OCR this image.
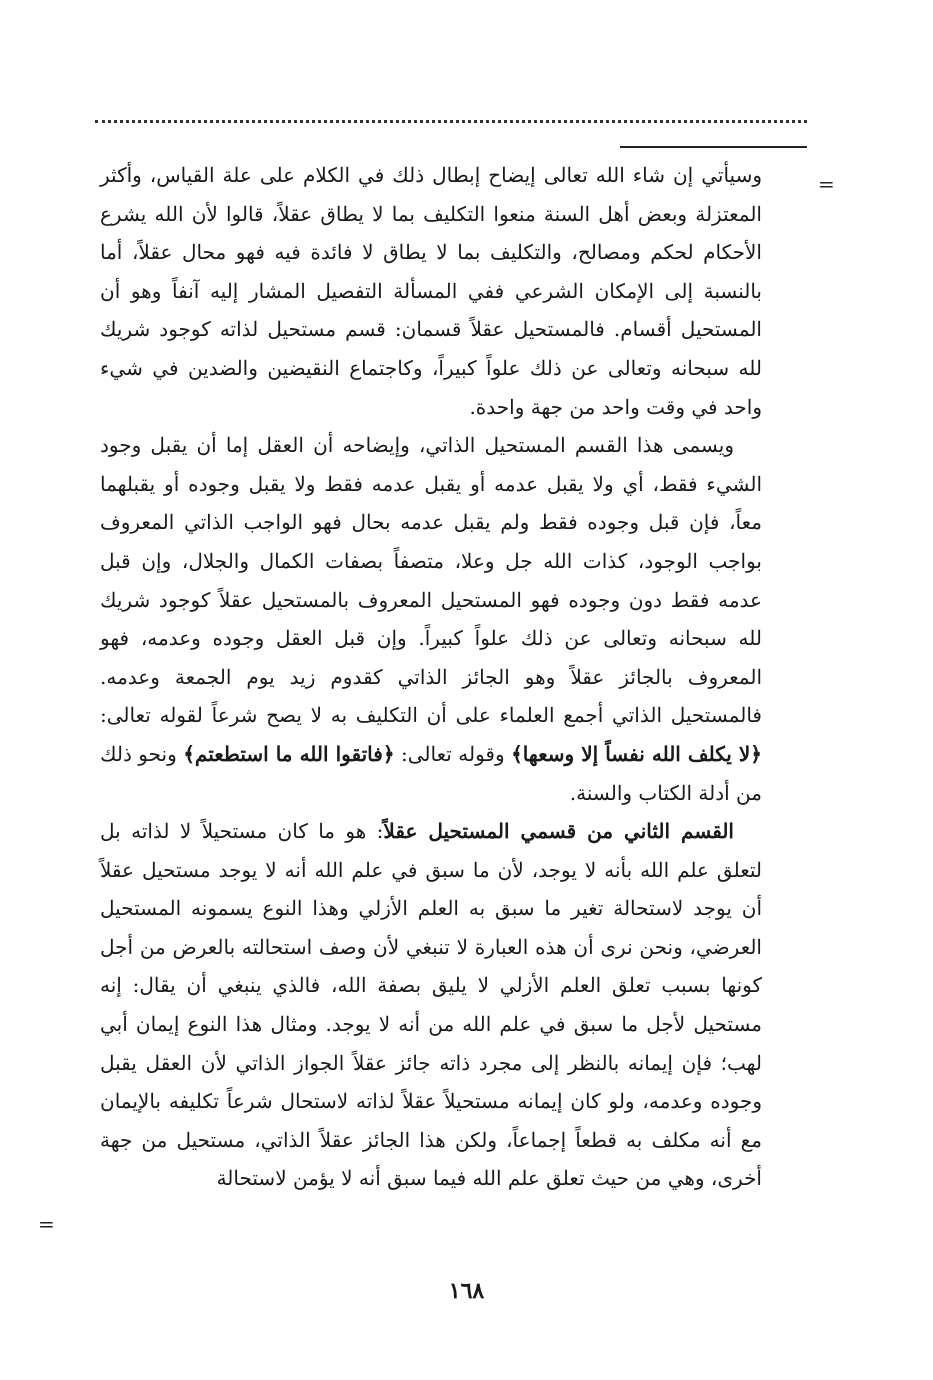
=
=

وسيأتي إن شاء الله تعالى إيضاح إبطال ذلك في الكلام على علة القياس، وأكثر المعتزلة وبعض أهل السنة منعوا التكليف بما لا يطاق عقلاً، قالوا لأن الله يشرع الأحكام لحكم ومصالح، والتكليف بما لا يطاق لا فائدة فيه فهو محال عقلاً، أما بالنسبة إلى الإمكان الشرعي ففي المسألة التفصيل المشار إليه آنفاً وهو أن المستحيل أقسام. فالمستحيل عقلاً قسمان: قسم مستحيل لذاته كوجود شريك لله سبحانه وتعالى عن ذلك علواً كبيراً، وكاجتماع النقيضين والضدين في شيء واحد في وقت واحد من جهة واحدة.

ويسمى هذا القسم المستحيل الذاتي، وإيضاحه أن العقل إما أن يقبل وجود الشيء فقط، أي ولا يقبل عدمه أو يقبل عدمه فقط ولا يقبل وجوده أو يقبلهما معاً، فإن قبل وجوده فقط ولم يقبل عدمه بحال فهو الواجب الذاتي المعروف بواجب الوجود، كذات الله جل وعلا، متصفاً بصفات الكمال والجلال، وإن قبل عدمه فقط دون وجوده فهو المستحيل المعروف بالمستحيل عقلاً كوجود شريك لله سبحانه وتعالى عن ذلك علواً كبيراً. وإن قبل العقل وجوده وعدمه، فهو المعروف بالجائز عقلاً وهو الجائز الذاتي كقدوم زيد يوم الجمعة وعدمه. فالمستحيل الذاتي أجمع العلماء على أن التكليف به لا يصح شرعاً لقوله تعالى: ﴿لا يكلف الله نفساً إلا وسعها﴾ وقوله تعالى: ﴿فاتقوا الله ما استطعتم﴾ ونحو ذلك من أدلة الكتاب والسنة.

القسم الثاني من قسمي المستحيل عقلاً: هو ما كان مستحيلاً لا لذاته بل لتعلق علم الله بأنه لا يوجد، لأن ما سبق في علم الله أنه لا يوجد مستحيل عقلاً أن يوجد لاستحالة تغير ما سبق به العلم الأزلي وهذا النوع يسمونه المستحيل العرضي، ونحن نرى أن هذه العبارة لا تنبغي لأن وصف استحالته بالعرض من أجل كونها بسبب تعلق العلم الأزلي لا يليق بصفة الله، فالذي ينبغي أن يقال: إنه مستحيل لأجل ما سبق في علم الله من أنه لا يوجد. ومثال هذا النوع إيمان أبي لهب؛ فإن إيمانه بالنظر إلى مجرد ذاته جائز عقلاً الجواز الذاتي لأن العقل يقبل وجوده وعدمه، ولو كان إيمانه مستحيلاً عقلاً لذاته لاستحال شرعاً تكليفه بالإيمان مع أنه مكلف به قطعاً إجماعاً، ولكن هذا الجائز عقلاً الذاتي، مستحيل من جهة أخرى، وهي من حيث تعلق علم الله فيما سبق أنه لا يؤمن لاستحالة

١٦٨
